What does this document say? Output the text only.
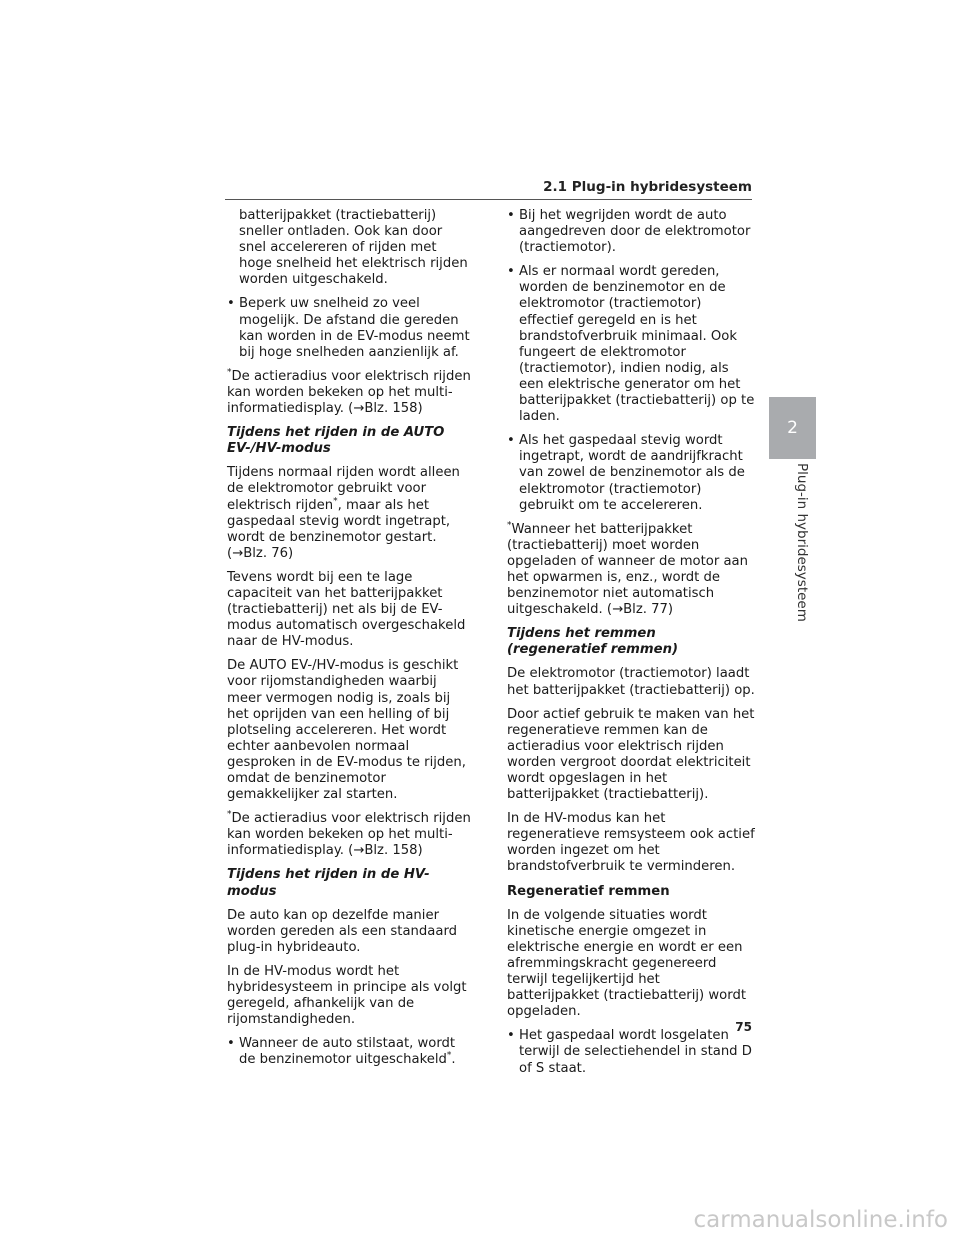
2.1 Plug-in hybridesysteem

batterijpakket (tractiebatterij) sneller ontladen. Ook kan door snel accelereren of rijden met hoge snelheid het elektrisch rijden worden uitgeschakeld.

• Beperk uw snelheid zo veel mogelijk. De afstand die gereden kan worden in de EV-modus neemt bij hoge snelheden aanzienlijk af.

*De actieradius voor elektrisch rijden kan worden bekeken op het multi-informatiedisplay. (→Blz. 158)

Tijdens het rijden in de AUTO EV-/HV-modus

Tijdens normaal rijden wordt alleen de elektromotor gebruikt voor elektrisch rijden*, maar als het gaspedaal stevig wordt ingetrapt, wordt de benzinemotor gestart. (→Blz. 76)

Tevens wordt bij een te lage capaciteit van het batterijpakket (tractiebatterij) net als bij de EV-modus automatisch overgeschakeld naar de HV-modus.

De AUTO EV-/HV-modus is geschikt voor rijomstandigheden waarbij meer vermogen nodig is, zoals bij het oprijden van een helling of bij plotseling accelereren. Het wordt echter aanbevolen normaal gesproken in de EV-modus te rijden, omdat de benzinemotor gemakkelijker zal starten.

*De actieradius voor elektrisch rijden kan worden bekeken op het multi-informatiedisplay. (→Blz. 158)

Tijdens het rijden in de HV-modus

De auto kan op dezelfde manier worden gereden als een standaard plug-in hybrideauto.

In de HV-modus wordt het hybridesysteem in principe als volgt geregeld, afhankelijk van de rijomstandigheden.

• Wanneer de auto stilstaat, wordt de benzinemotor uitgeschakeld*.
• Bij het wegrijden wordt de auto aangedreven door de elektromotor (tractiemotor).
• Als er normaal wordt gereden, worden de benzinemotor en de elektromotor (tractiemotor) effectief geregeld en is het brandstofverbruik minimaal. Ook fungeert de elektromotor (tractiemotor), indien nodig, als een elektrische generator om het batterijpakket (tractiebatterij) op te laden.
• Als het gaspedaal stevig wordt ingetrapt, wordt de aandrijfkracht van zowel de benzinemotor als de elektromotor (tractiemotor) gebruikt om te accelereren.

*Wanneer het batterijpakket (tractiebatterij) moet worden opgeladen of wanneer de motor aan het opwarmen is, enz., wordt de benzinemotor niet automatisch uitgeschakeld. (→Blz. 77)

Tijdens het remmen (regeneratief remmen)

De elektromotor (tractiemotor) laadt het batterijpakket (tractiebatterij) op.

Door actief gebruik te maken van het regeneratieve remmen kan de actieradius voor elektrisch rijden worden vergroot doordat elektriciteit wordt opgeslagen in het batterijpakket (tractiebatterij).

In de HV-modus kan het regeneratieve remsysteem ook actief worden ingezet om het brandstofverbruik te verminderen.

Regeneratief remmen

In de volgende situaties wordt kinetische energie omgezet in elektrische energie en wordt er een afremmingskracht gegenereerd terwijl tegelijkertijd het batterijpakket (tractiebatterij) wordt opgeladen.

• Het gaspedaal wordt losgelaten terwijl de selectiehendel in stand D of S staat.
2
Plug-in hybridesysteem
75
carmanualsonline.info
